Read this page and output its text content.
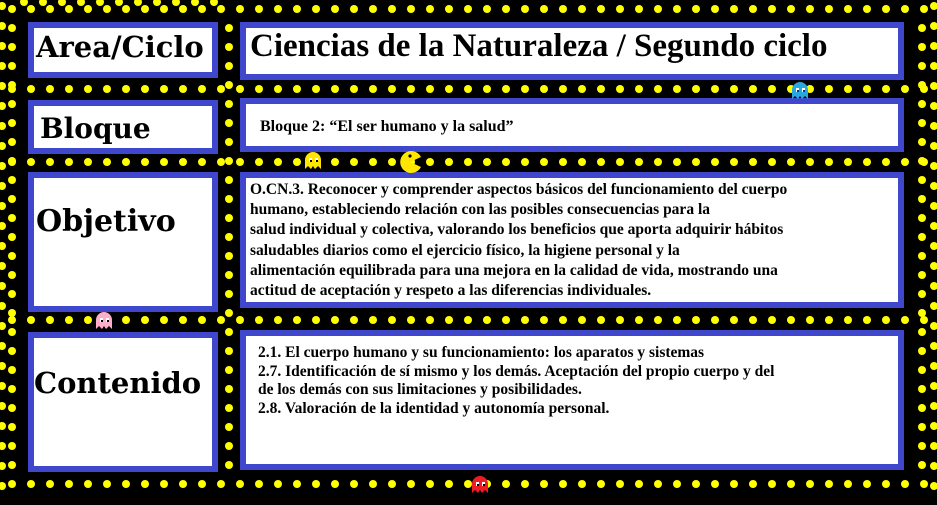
Area/Ciclo Ciencias de la Naturaleza / Segundo ciclo
Bloque	Bloque 2: “El ser humano y la salud”
Objetivo
O.CN.3. Reconocer y comprender aspectos básicos del funcionamiento del cuerpo
humano, estableciendo relación con las posibles consecuencias para la
salud individual y colectiva, valorando los beneficios que aporta adquirir hábitos
saludables diarios como el ejercicio físico, la higiene personal y la
alimentación equilibrada para una mejora en la calidad de vida, mostrando una
actitud de aceptación y respeto a las diferencias individuales.
Contenido
2.1. El cuerpo humano y su funcionamiento: los aparatos y sistemas
2.7. Identificación de sí mismo y los demás. Aceptación del propio cuerpo y del
de los demás con sus limitaciones y posibilidades.
2.8. Valoración de la identidad y autonomía personal.
